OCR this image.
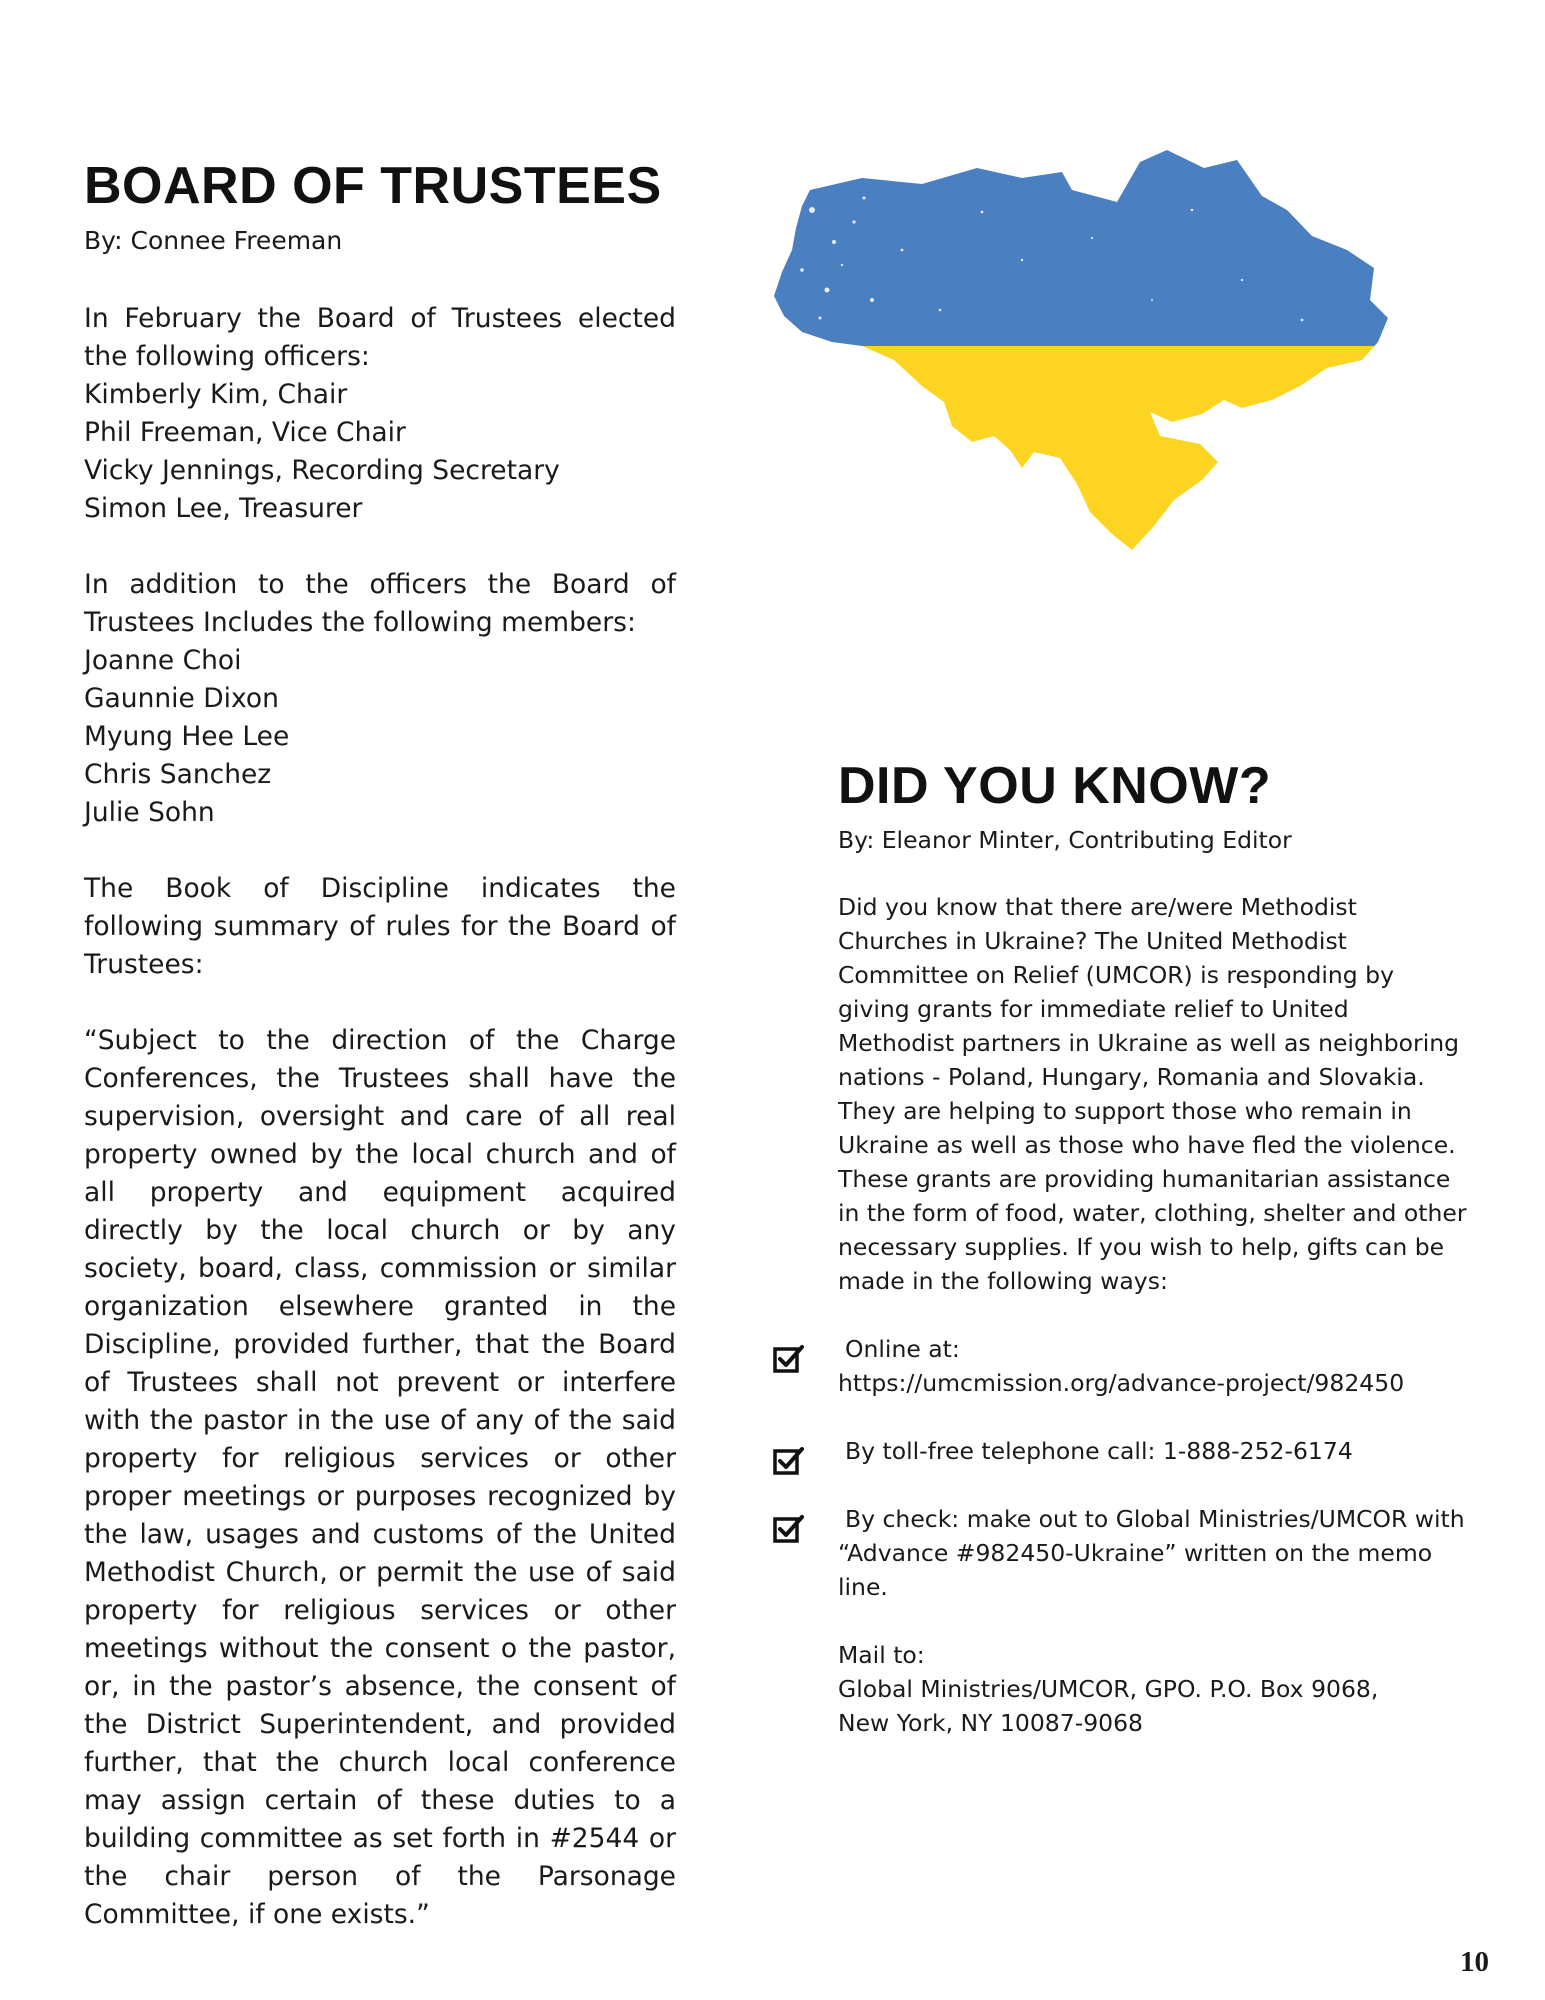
BOARD OF TRUSTEES
By: Connee Freeman

In February the Board of Trustees elected the following officers:

Kimberly Kim, Chair
Phil Freeman, Vice Chair
Vicky Jennings, Recording Secretary
Simon Lee, Treasurer

In addition to the officers the Board of Trustees Includes the following members:

Joanne Choi
Gaunnie Dixon
Myung Hee Lee
Chris Sanchez
Julie Sohn

The Book of Discipline indicates the following summary of rules for the Board of Trustees:

“Subject to the direction of the Charge Conferences, the Trustees shall have the supervision, oversight and care of all real property owned by the local church and of all property and equipment acquired directly by the local church or by any society, board, class, commission or similar organization elsewhere granted in the Discipline, provided further, that the Board of Trustees shall not prevent or interfere with the pastor in the use of any of the said property for religious services or other proper meetings or purposes recognized by the law, usages and customs of the United Methodist Church, or permit the use of said property for religious services or other meetings without the consent o the pastor, or, in the pastor’s absence, the consent of the District Superintendent, and provided further, that the church local conference may assign certain of these duties to a building committee as set forth in #2544 or the chair person of the Parsonage Committee, if one exists.”

DID YOU KNOW?
By: Eleanor Minter, Contributing Editor

Did you know that there are/were Methodist Churches in Ukraine? The United Methodist Committee on Relief (UMCOR) is responding by giving grants for immediate relief to United Methodist partners in Ukraine as well as neighboring nations - Poland, Hungary, Romania and Slovakia. They are helping to support those who remain in Ukraine as well as those who have fled the violence. These grants are providing humanitarian assistance in the form of food, water, clothing, shelter and other necessary supplies. If you wish to help, gifts can be made in the following ways:

Online at:
https://umcmission.org/advance-project/982450
By toll-free telephone call: 1-888-252-6174
By check: make out to Global Ministries/UMCOR with “Advance #982450-Ukraine” written on the memo line.
Mail to:
Global Ministries/UMCOR, GPO. P.O. Box 9068,
New York, NY 10087-9068
10
